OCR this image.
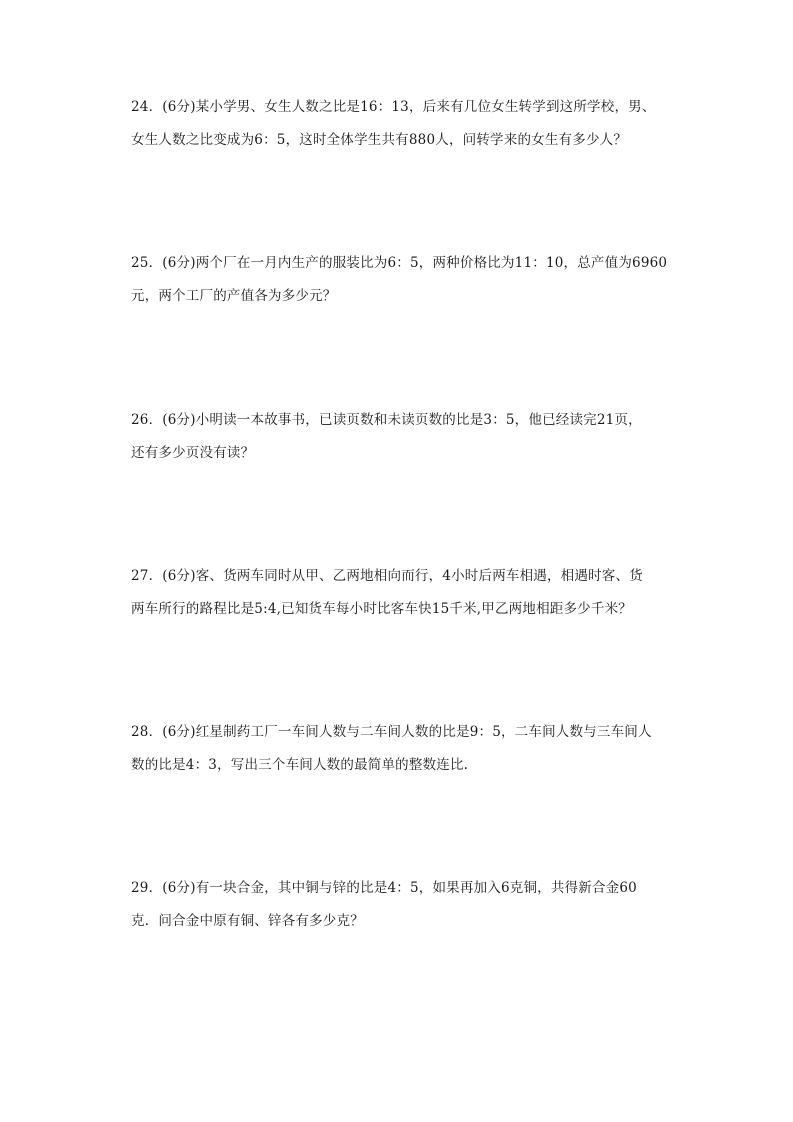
24．(6分)某小学男、女生人数之比是16：13，后来有几位女生转学到这所学校，男、
女生人数之比变成为6：5，这时全体学生共有880人，问转学来的女生有多少人？
25．(6分)两个厂在一月内生产的服装比为6：5，两种价格比为11：10，总产值为6960
元，两个工厂的产值各为多少元？
26．(6分)小明读一本故事书，已读页数和未读页数的比是3：5，他已经读完21页，
还有多少页没有读？
27．(6分)客、货两车同时从甲、乙两地相向而行，4小时后两车相遇，相遇时客、货
两车所行的路程比是5:4,已知货车每小时比客车快15千米,甲乙两地相距多少千米？
28．(6分)红星制药工厂一车间人数与二车间人数的比是9：5，二车间人数与三车间人
数的比是4：3，写出三个车间人数的最简单的整数连比.
29．(6分)有一块合金，其中铜与锌的比是4：5，如果再加入6克铜，共得新合金60
克．问合金中原有铜、锌各有多少克？
